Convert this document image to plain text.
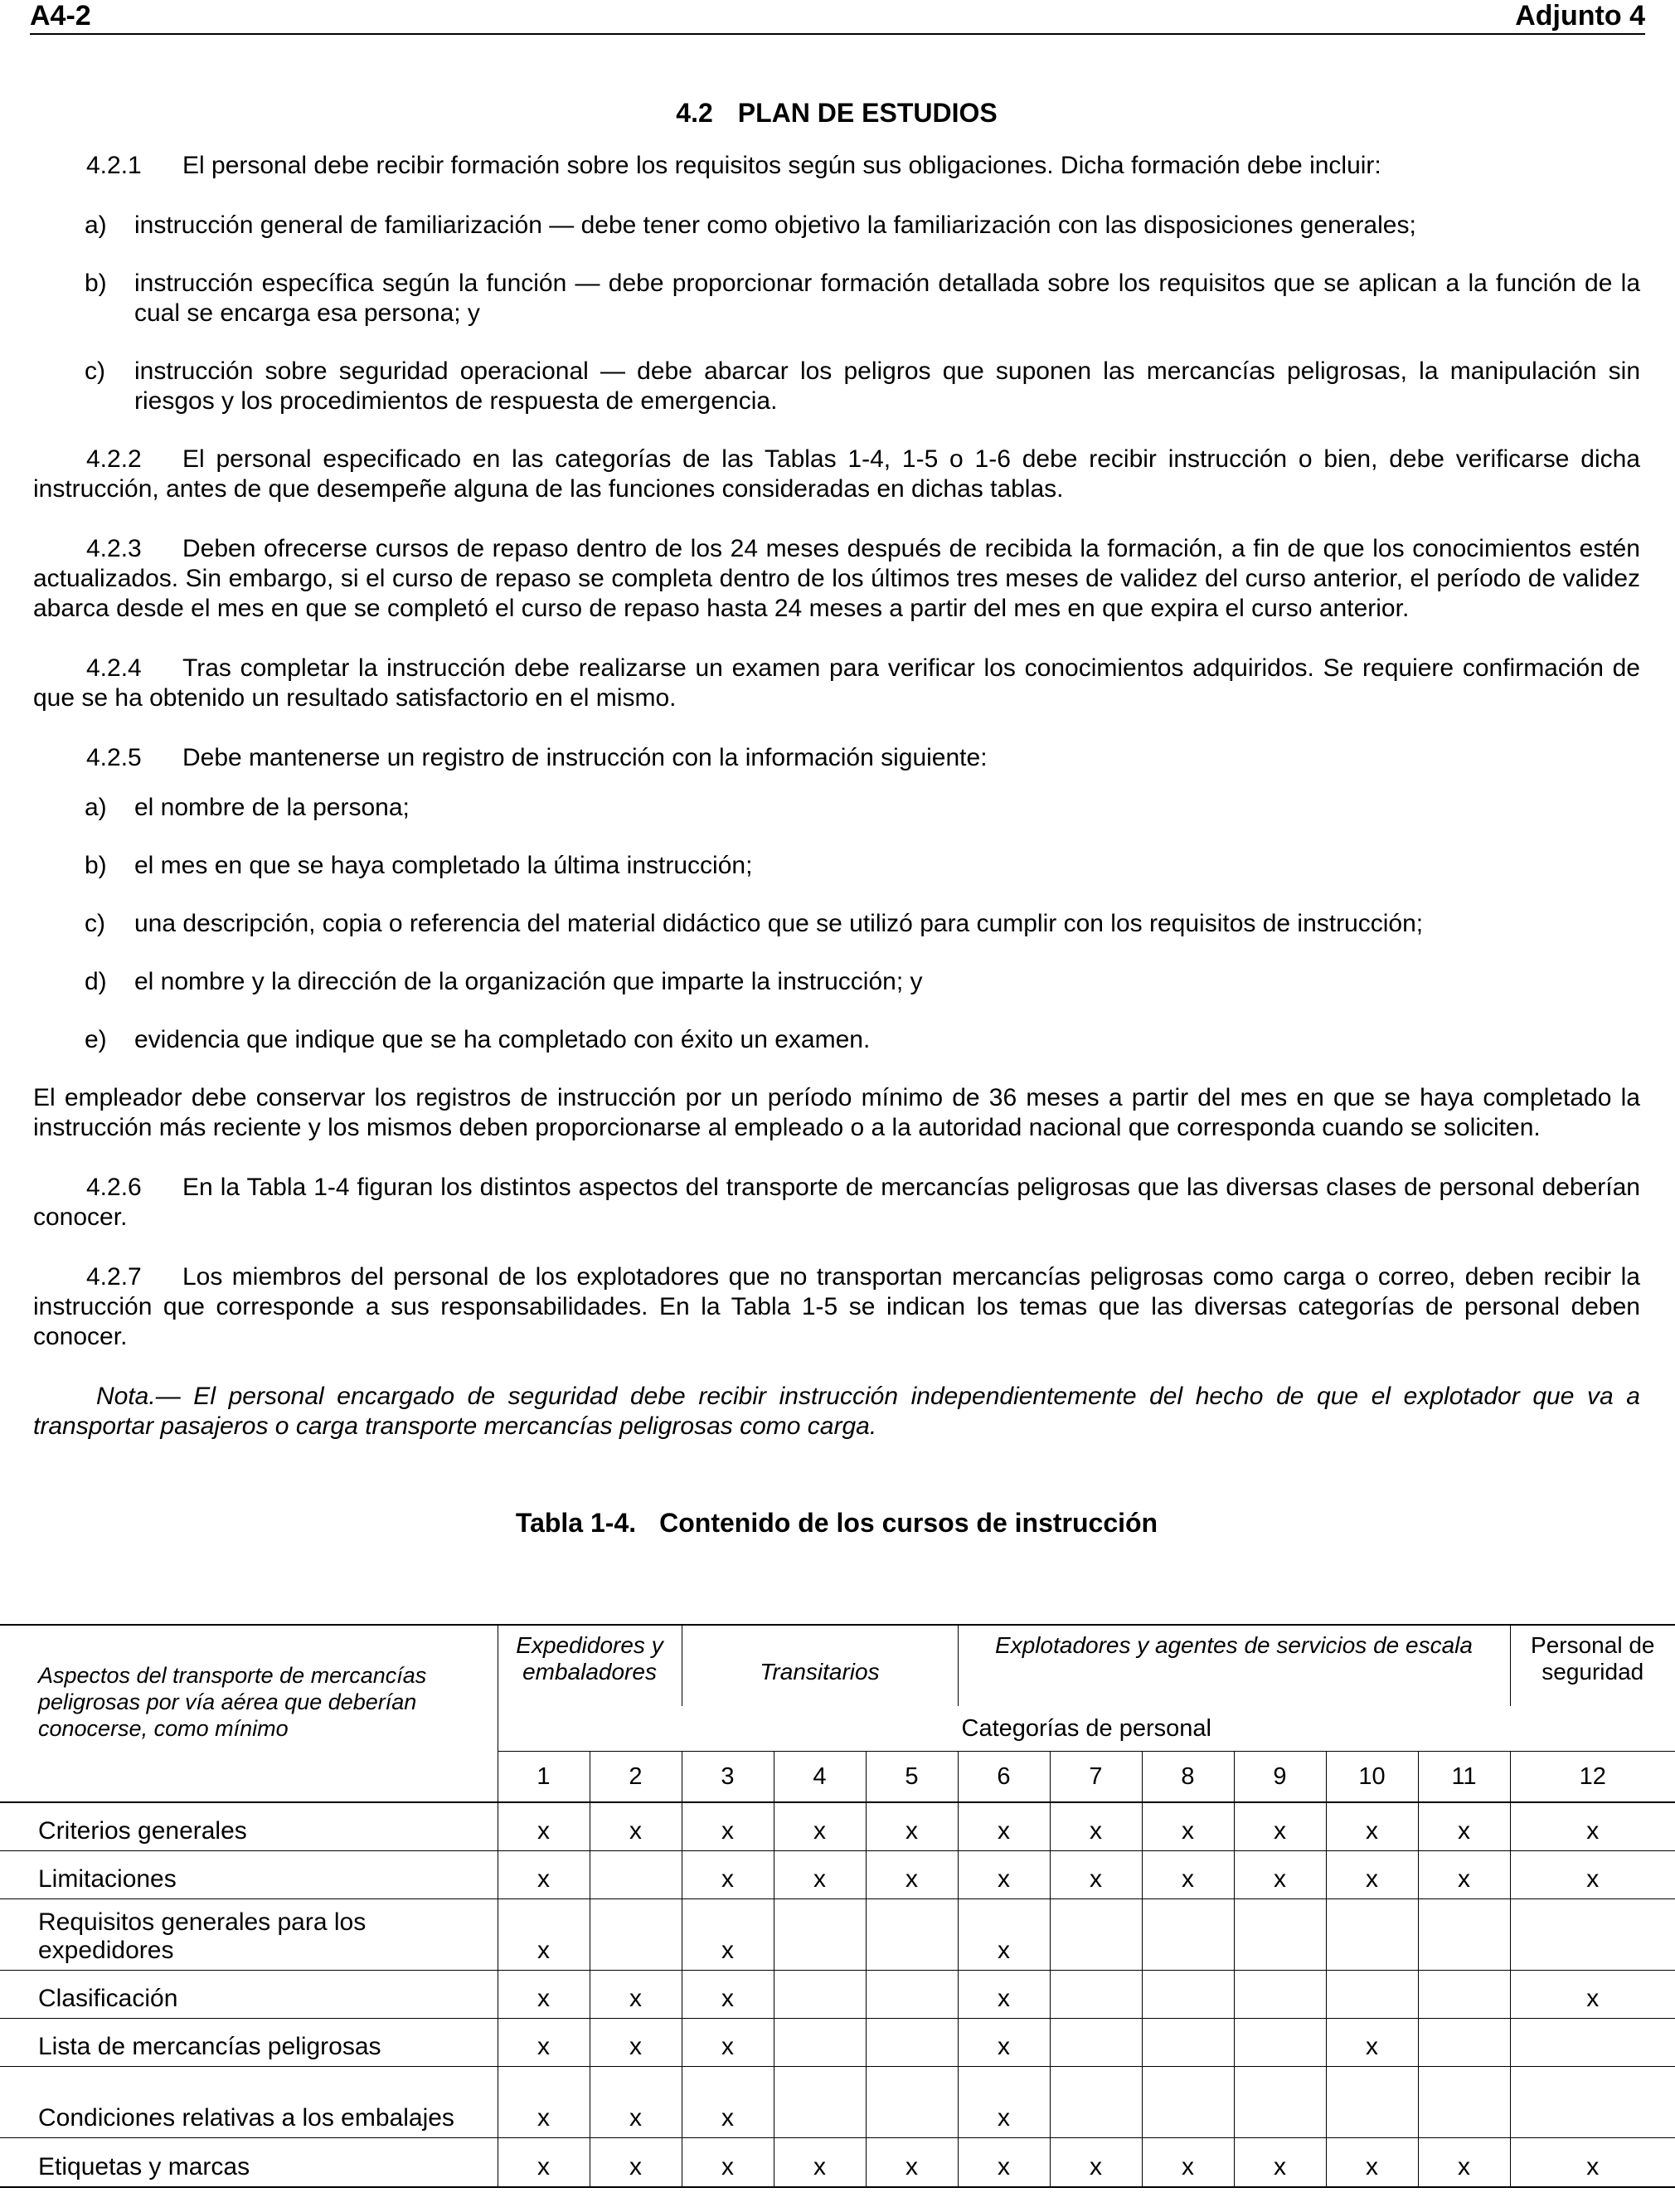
A4-2	Adjunto 4
4.2 PLAN DE ESTUDIOS

4.2.1 El personal debe recibir formación sobre los requisitos según sus obligaciones. Dicha formación debe incluir:

a) instrucción general de familiarización — debe tener como objetivo la familiarización con las disposiciones generales;
b) instrucción específica según la función — debe proporcionar formación detallada sobre los requisitos que se aplican a la función de la cual se encarga esa persona; y
c) instrucción sobre seguridad operacional — debe abarcar los peligros que suponen las mercancías peligrosas, la manipulación sin riesgos y los procedimientos de respuesta de emergencia.

4.2.2 El personal especificado en las categorías de las Tablas 1-4, 1-5 o 1-6 debe recibir instrucción o bien, debe verificarse dicha instrucción, antes de que desempeñe alguna de las funciones consideradas en dichas tablas.

4.2.3 Deben ofrecerse cursos de repaso dentro de los 24 meses después de recibida la formación, a fin de que los conocimientos estén actualizados. Sin embargo, si el curso de repaso se completa dentro de los últimos tres meses de validez del curso anterior, el período de validez abarca desde el mes en que se completó el curso de repaso hasta 24 meses a partir del mes en que expira el curso anterior.

4.2.4 Tras completar la instrucción debe realizarse un examen para verificar los conocimientos adquiridos. Se requiere confirmación de que se ha obtenido un resultado satisfactorio en el mismo.

4.2.5 Debe mantenerse un registro de instrucción con la información siguiente:

a) el nombre de la persona;
b) el mes en que se haya completado la última instrucción;
c) una descripción, copia o referencia del material didáctico que se utilizó para cumplir con los requisitos de instrucción;
d) el nombre y la dirección de la organización que imparte la instrucción; y
e) evidencia que indique que se ha completado con éxito un examen.

El empleador debe conservar los registros de instrucción por un período mínimo de 36 meses a partir del mes en que se haya completado la instrucción más reciente y los mismos deben proporcionarse al empleado o a la autoridad nacional que corresponda cuando se soliciten.

4.2.6 En la Tabla 1-4 figuran los distintos aspectos del transporte de mercancías peligrosas que las diversas clases de personal deberían conocer.

4.2.7 Los miembros del personal de los explotadores que no transportan mercancías peligrosas como carga o correo, deben recibir la instrucción que corresponde a sus responsabilidades. En la Tabla 1-5 se indican los temas que las diversas categorías de personal deben conocer.

Nota.— El personal encargado de seguridad debe recibir instrucción independientemente del hecho de que el explotador que va a transportar pasajeros o carga transporte mercancías peligrosas como carga.

Tabla 1-4. Contenido de los cursos de instrucción
Aspectos del transporte de mercancías peligrosas por vía aérea que deberían conocerse, como mínimo	Expedidores y embaladores		Transitarios			Explotadores y agentes de servicios de escala						Personal de seguridad
	Categorías de personal											
	1	2	3	4	5	6	7	8	9	10	11	12
Criterios generales	x	x	x	x	x	x	x	x	x	x	x	x
Limitaciones	x		x	x	x	x	x	x	x	x	x	x
Requisitos generales para los expedidores	x		x			x						
Clasificación	x	x	x			x						x
Lista de mercancías peligrosas	x	x	x			x				x		
Condiciones relativas a los embalajes	x	x	x			x						
Etiquetas y marcas	x	x	x	x	x	x	x	x	x	x	x	x
